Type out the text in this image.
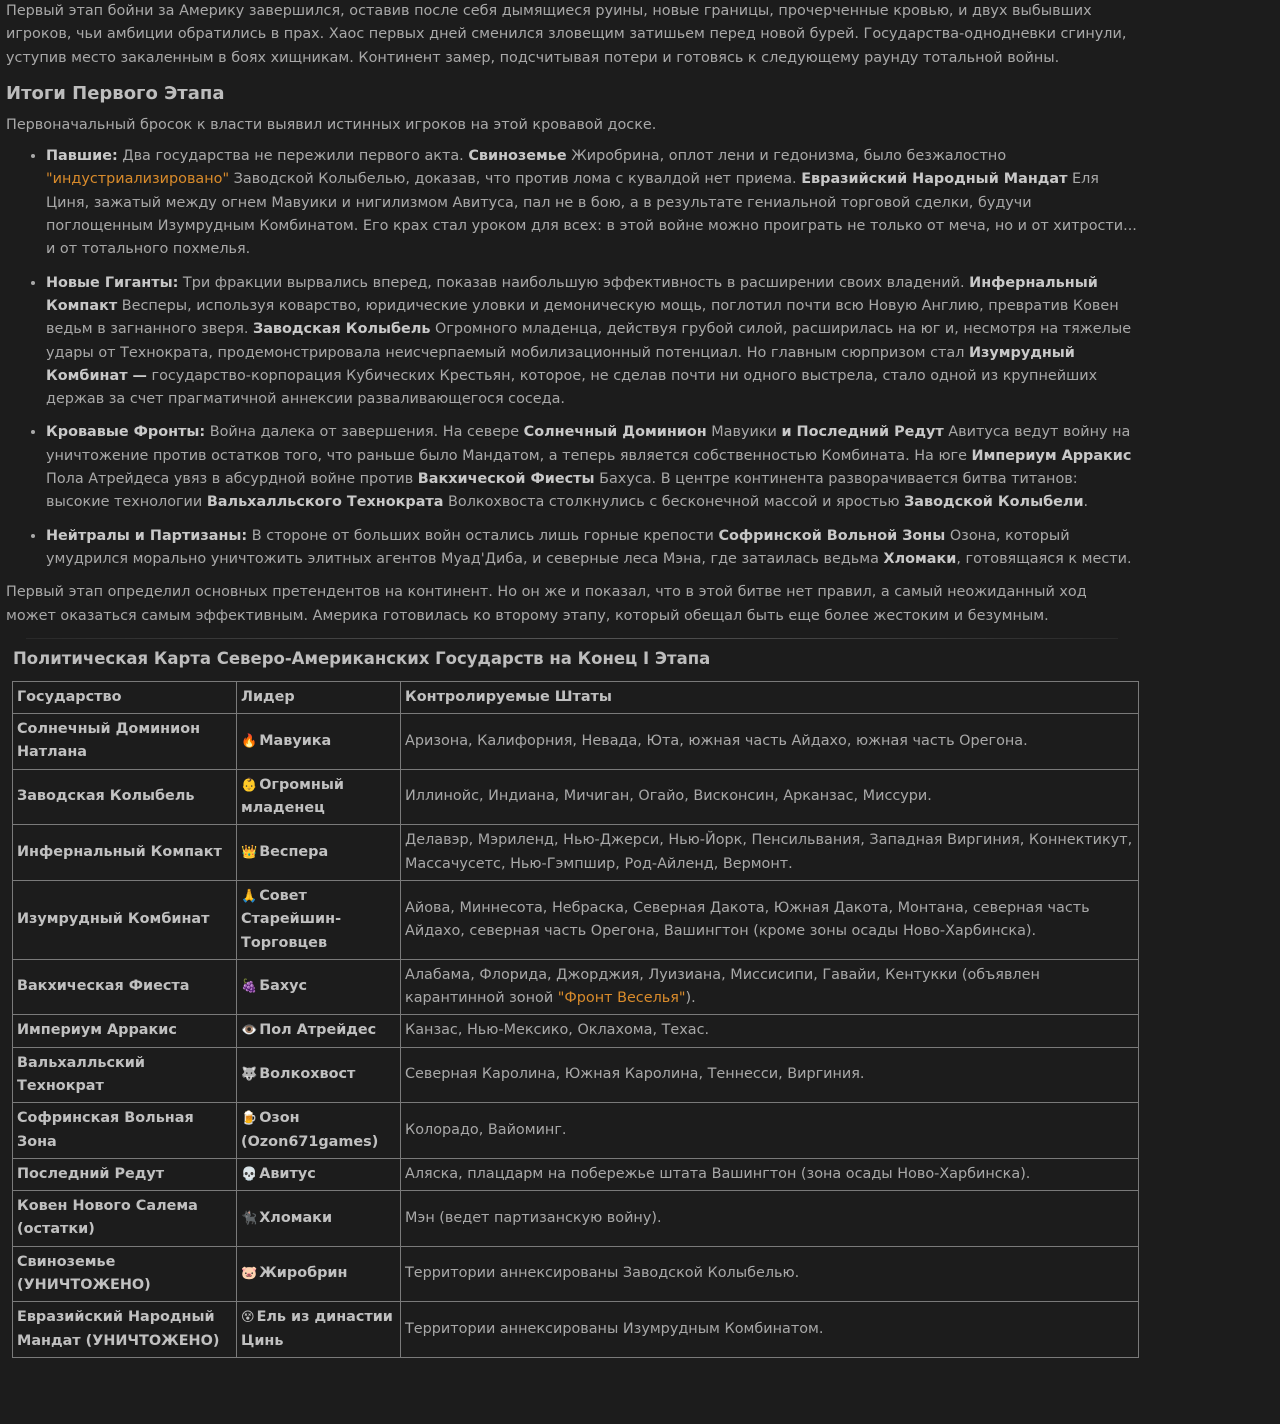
Первый этап бойни за Америку завершился, оставив после себя дымящиеся руины, новые границы, прочерченные кровью, и двух выбывших игроков, чьи амбиции обратились в прах. Хаос первых дней сменился зловещим затишьем перед новой бурей. Государства-однодневки сгинули, уступив место закаленным в боях хищникам. Континент замер, подсчитывая потери и готовясь к следующему раунду тотальной войны.

Итоги Первого Этапа

Первоначальный бросок к власти выявил истинных игроков на этой кровавой доске.

• Павшие: Два государства не пережили первого акта. Свиноземье Жиробрина, оплот лени и гедонизма, было безжалостно "индустриализировано" Заводской Колыбелью, доказав, что против лома с кувалдой нет приема. Евразийский Народный Мандат Еля Циня, зажатый между огнем Мавуики и нигилизмом Авитуса, пал не в бою, а в результате гениальной торговой сделки, будучи поглощенным Изумрудным Комбинатом. Его крах стал уроком для всех: в этой войне можно проиграть не только от меча, но и от хитрости... и от тотального похмелья.
• Новые Гиганты: Три фракции вырвались вперед, показав наибольшую эффективность в расширении своих владений. Инфернальный Компакт Весперы, используя коварство, юридические уловки и демоническую мощь, поглотил почти всю Новую Англию, превратив Ковен ведьм в загнанного зверя. Заводская Колыбель Огромного младенца, действуя грубой силой, расширилась на юг и, несмотря на тяжелые удары от Технократа, продемонстрировала неисчерпаемый мобилизационный потенциал. Но главным сюрпризом стал Изумрудный Комбинат — государство-корпорация Кубических Крестьян, которое, не сделав почти ни одного выстрела, стало одной из крупнейших держав за счет прагматичной аннексии разваливающегося соседа.
• Кровавые Фронты: Война далека от завершения. На севере Солнечный Доминион Мавуики и Последний Редут Авитуса ведут войну на уничтожение против остатков того, что раньше было Мандатом, а теперь является собственностью Комбината. На юге Империум Арракис Пола Атрейдеса увяз в абсурдной войне против Вакхической Фиесты Бахуса. В центре континента разворачивается битва титанов: высокие технологии Вальхалльского Технократа Волкохвоста столкнулись с бесконечной массой и яростью Заводской Колыбели.
• Нейтралы и Партизаны: В стороне от больших войн остались лишь горные крепости Софринской Вольной Зоны Озона, который умудрился морально уничтожить элитных агентов Муад'Диба, и северные леса Мэна, где затаилась ведьма Хломаки, готовящаяся к мести.

Первый этап определил основных претендентов на континент. Но он же и показал, что в этой битве нет правил, а самый неожиданный ход может оказаться самым эффективным. Америка готовилась ко второму этапу, который обещал быть еще более жестоким и безумным.

Политическая Карта Северо-Американских Государств на Конец I Этапа
Государство	Лидер	Контролируемые Штаты
Солнечный Доминион Натлана	🔥 Мавуика	Аризона, Калифорния, Невада, Юта, южная часть Айдахо, южная часть Орегона.
Заводская Колыбель	👶 Огромный младенец	Иллинойс, Индиана, Мичиган, Огайо, Висконсин, Арканзас, Миссури.
Инфернальный Компакт	👑 Веспера	Делавэр, Мэриленд, Нью-Джерси, Нью-Йорк, Пенсильвания, Западная Виргиния, Коннектикут, Массачусетс, Нью-Гэмпшир, Род-Айленд, Вермонт.
Изумрудный Комбинат	🙏 Совет Старейшин-Торговцев	Айова, Миннесота, Небраска, Северная Дакота, Южная Дакота, Монтана, северная часть Айдахо, северная часть Орегона, Вашингтон (кроме зоны осады Ново-Харбинска).
Вакхическая Фиеста	🍇 Бахус	Алабама, Флорида, Джорджия, Луизиана, Миссисипи, Гавайи, Кентукки (объявлен карантинной зоной "Фронт Веселья").
Империум Арракис	👁️ Пол Атрейдес	Канзас, Нью-Мексико, Оклахома, Техас.
Вальхалльский Технократ	🐺 Волкохвост	Северная Каролина, Южная Каролина, Теннесси, Виргиния.
Софринская Вольная Зона	🍺 Озон (Ozon671games)	Колорадо, Вайоминг.
Последний Редут	💀 Авитус	Аляска, плацдарм на побережье штата Вашингтон (зона осады Ново-Харбинска).
Ковен Нового Салема (остатки)	🐈‍⬛ Хломаки	Мэн (ведет партизанскую войну).
Свиноземье (УНИЧТОЖЕНО)	🐷 Жиробрин	Территории аннексированы Заводской Колыбелью.
Евразийский Народный Мандат (УНИЧТОЖЕНО)	😵 Ель из династии Цинь	Территории аннексированы Изумрудным Комбинатом.
